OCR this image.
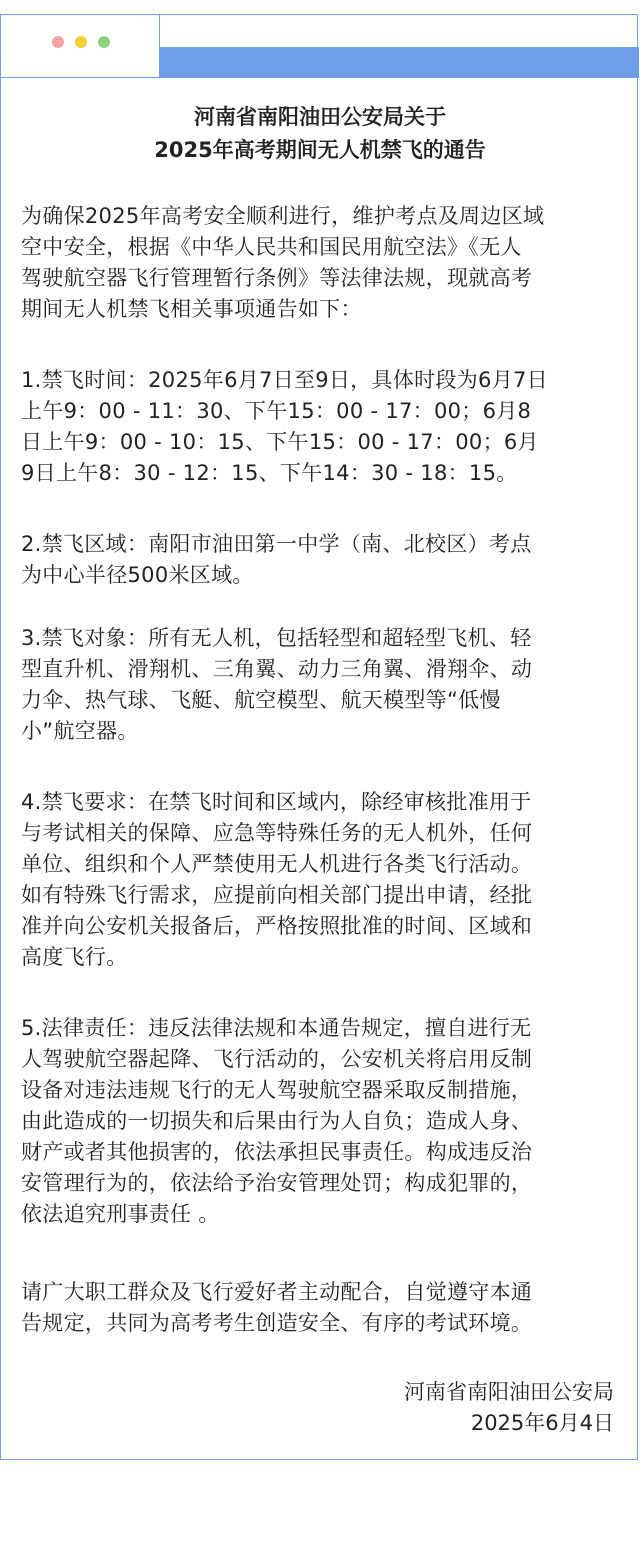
河南省南阳油田公安局关于
2025年高考期间无人机禁飞的通告
为确保2025年高考安全顺利进行，维护考点及周边区域
空中安全，根据《中华人民共和国民用航空法》《无人
驾驶航空器飞行管理暂行条例》等法律法规，现就高考
期间无人机禁飞相关事项通告如下：
1.禁飞时间：2025年6月7日至9日，具体时段为6月7日
上午9：00 - 11：30、下午15：00 - 17：00；6月8
日上午9：00 - 10：15、下午15：00 - 17：00；6月
9日上午8：30 - 12：15、下午14：30 - 18：15。
2.禁飞区域：南阳市油田第一中学（南、北校区）考点
为中心半径500米区域。
3.禁飞对象：所有无人机，包括轻型和超轻型飞机、轻
型直升机、滑翔机、三角翼、动力三角翼、滑翔伞、动
力伞、热气球、飞艇、航空模型、航天模型等“低慢
小”航空器。
4.禁飞要求：在禁飞时间和区域内，除经审核批准用于
与考试相关的保障、应急等特殊任务的无人机外，任何
单位、组织和个人严禁使用无人机进行各类飞行活动。
如有特殊飞行需求，应提前向相关部门提出申请，经批
准并向公安机关报备后，严格按照批准的时间、区域和
高度飞行。
5.法律责任：违反法律法规和本通告规定，擅自进行无
人驾驶航空器起降、飞行活动的，公安机关将启用反制
设备对违法违规飞行的无人驾驶航空器采取反制措施，
由此造成的一切损失和后果由行为人自负；造成人身、
财产或者其他损害的，依法承担民事责任。构成违反治
安管理行为的，依法给予治安管理处罚；构成犯罪的，
依法追究刑事责任 。
请广大职工群众及飞行爱好者主动配合，自觉遵守本通
告规定，共同为高考考生创造安全、有序的考试环境。
河南省南阳油田公安局
2025年6月4日
